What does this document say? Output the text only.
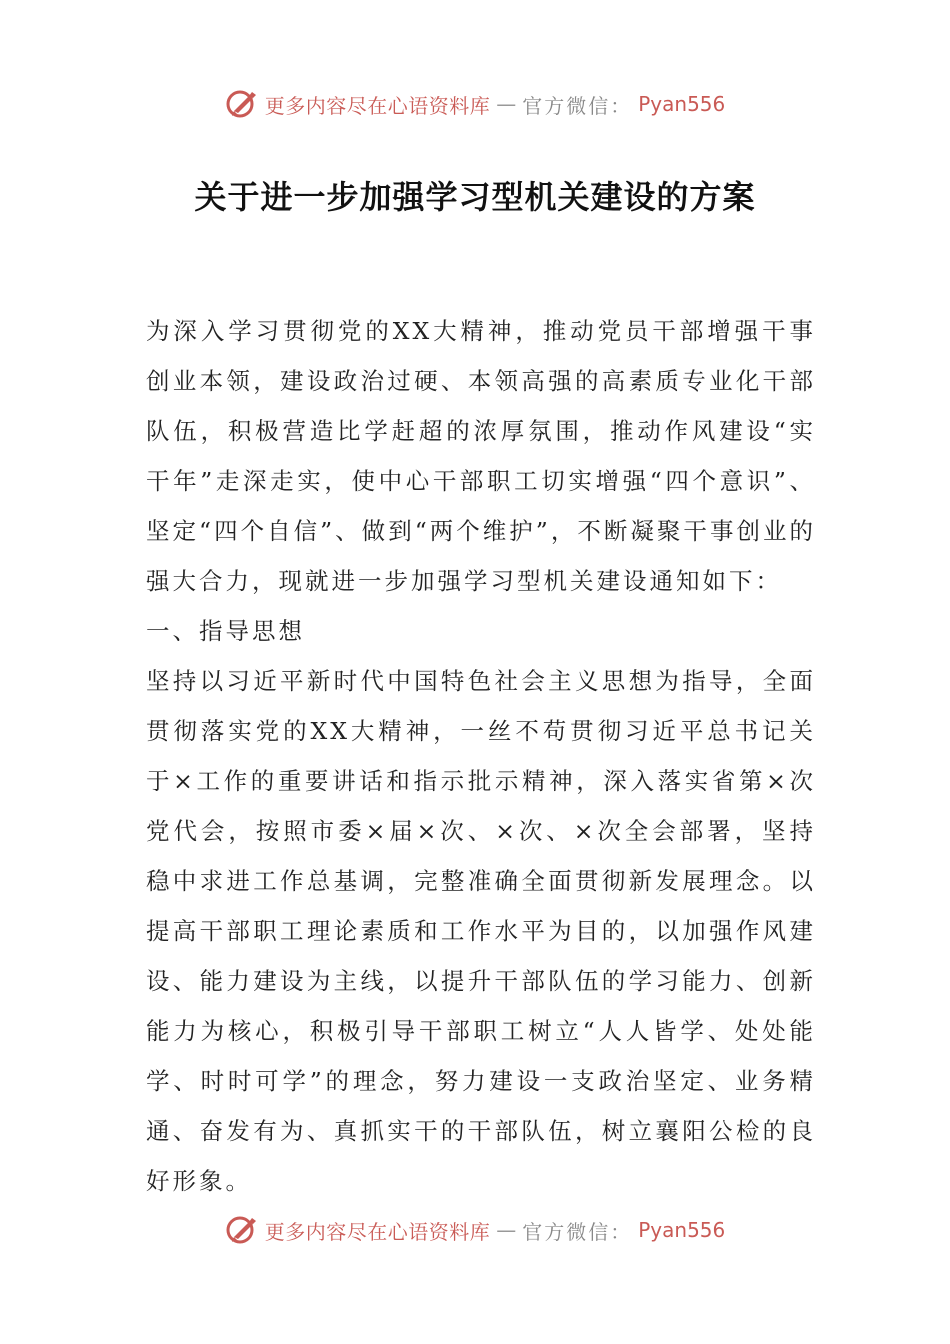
更多内容尽在心语资料库 — 官方微信： Pyan556
关于进一步加强学习型机关建设的方案

为深入学习贯彻党的XX大精神，推动党员干部增强干事创业本领，建设政治过硬、本领高强的高素质专业化干部队伍，积极营造比学赶超的浓厚氛围，推动作风建设“实干年”走深走实，使中心干部职工切实增强“四个意识”、坚定“四个自信”、做到“两个维护”，不断凝聚干事创业的强大合力，现就进一步加强学习型机关建设通知如下：

一、指导思想

坚持以习近平新时代中国特色社会主义思想为指导，全面贯彻落实党的XX大精神，一丝不苟贯彻习近平总书记关于×工作的重要讲话和指示批示精神，深入落实省第×次党代会，按照市委×届×次、×次、×次全会部署，坚持稳中求进工作总基调，完整准确全面贯彻新发展理念。以提高干部职工理论素质和工作水平为目的，以加强作风建设、能力建设为主线，以提升干部队伍的学习能力、创新能力为核心，积极引导干部职工树立“人人皆学、处处能学、时时可学”的理念，努力建设一支政治坚定、业务精通、奋发有为、真抓实干的干部队伍，树立襄阳公检的良好形象。

更多内容尽在心语资料库 — 官方微信： Pyan556
